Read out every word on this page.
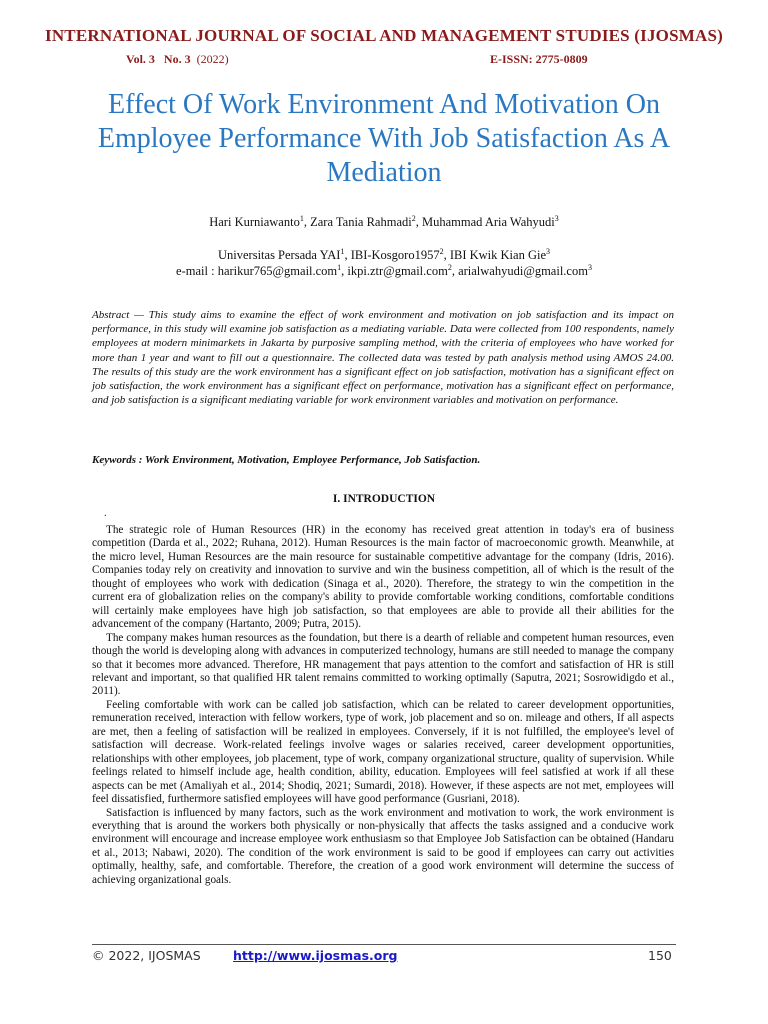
INTERNATIONAL JOURNAL OF SOCIAL AND MANAGEMENT STUDIES (IJOSMAS)
Vol. 3 No. 3 (2022)	E-ISSN: 2775-0809
Effect Of Work Environment And Motivation On Employee Performance With Job Satisfaction As A Mediation
Hari Kurniawanto$^1$, Zara Tania Rahmadi$^2$, Muhammad Aria Wahyudi$^3$
Universitas Persada YAI$^1$, IBI-Kosgoro1957$^2$, IBI Kwik Kian Gie$^3$
e-mail : harikur765@gmail.com$^1$, ikpi.ztr@gmail.com$^2$, arialwahyudi@gmail.com$^3$
Abstract — This study aims to examine the effect of work environment and motivation on job satisfaction and its impact on performance, in this study will examine job satisfaction as a mediating variable. Data were collected from 100 respondents, namely employees at modern minimarkets in Jakarta by purposive sampling method, with the criteria of employees who have worked for more than 1 year and want to fill out a questionnaire. The collected data was tested by path analysis method using AMOS 24.00. The results of this study are the work environment has a significant effect on job satisfaction, motivation has a significant effect on job satisfaction, the work environment has a significant effect on performance, motivation has a significant effect on performance, and job satisfaction is a significant mediating variable for work environment variables and motivation on performance.
Keywords : Work Environment, Motivation, Employee Performance, Job Satisfaction.
I. INTRODUCTION
.

The strategic role of Human Resources (HR) in the economy has received great attention in today's era of business competition (Darda et al., 2022; Ruhana, 2012). Human Resources is the main factor of macroeconomic growth. Meanwhile, at the micro level, Human Resources are the main resource for sustainable competitive advantage for the company (Idris, 2016). Companies today rely on creativity and innovation to survive and win the business competition, all of which is the result of the thought of employees who work with dedication (Sinaga et al., 2020). Therefore, the strategy to win the competition in the current era of globalization relies on the company's ability to provide comfortable working conditions, comfortable conditions will certainly make employees have high job satisfaction, so that employees are able to provide all their abilities for the advancement of the company (Hartanto, 2009; Putra, 2015).

The company makes human resources as the foundation, but there is a dearth of reliable and competent human resources, even though the world is developing along with advances in computerized technology, humans are still needed to manage the company so that it becomes more advanced. Therefore, HR management that pays attention to the comfort and satisfaction of HR is still relevant and important, so that qualified HR talent remains committed to working optimally (Saputra, 2021; Sosrowidigdo et al., 2011).

Feeling comfortable with work can be called job satisfaction, which can be related to career development opportunities, remuneration received, interaction with fellow workers, type of work, job placement and so on. mileage and others, If all aspects are met, then a feeling of satisfaction will be realized in employees. Conversely, if it is not fulfilled, the employee's level of satisfaction will decrease. Work-related feelings involve wages or salaries received, career development opportunities, relationships with other employees, job placement, type of work, company organizational structure, quality of supervision. While feelings related to himself include age, health condition, ability, education. Employees will feel satisfied at work if all these aspects can be met (Amaliyah et al., 2014; Shodiq, 2021; Sumardi, 2018). However, if these aspects are not met, employees will feel dissatisfied, furthermore satisfied employees will have good performance (Gusriani, 2018).

Satisfaction is influenced by many factors, such as the work environment and motivation to work, the work environment is everything that is around the workers both physically or non-physically that affects the tasks assigned and a conducive work environment will encourage and increase employee work enthusiasm so that Employee Job Satisfaction can be obtained (Handaru et al., 2013; Nabawi, 2020). The condition of the work environment is said to be good if employees can carry out activities optimally, healthy, safe, and comfortable. Therefore, the creation of a good work environment will determine the success of achieving organizational goals.

© 2022, IJOSMAS	http://www.ijosmas.org	150
